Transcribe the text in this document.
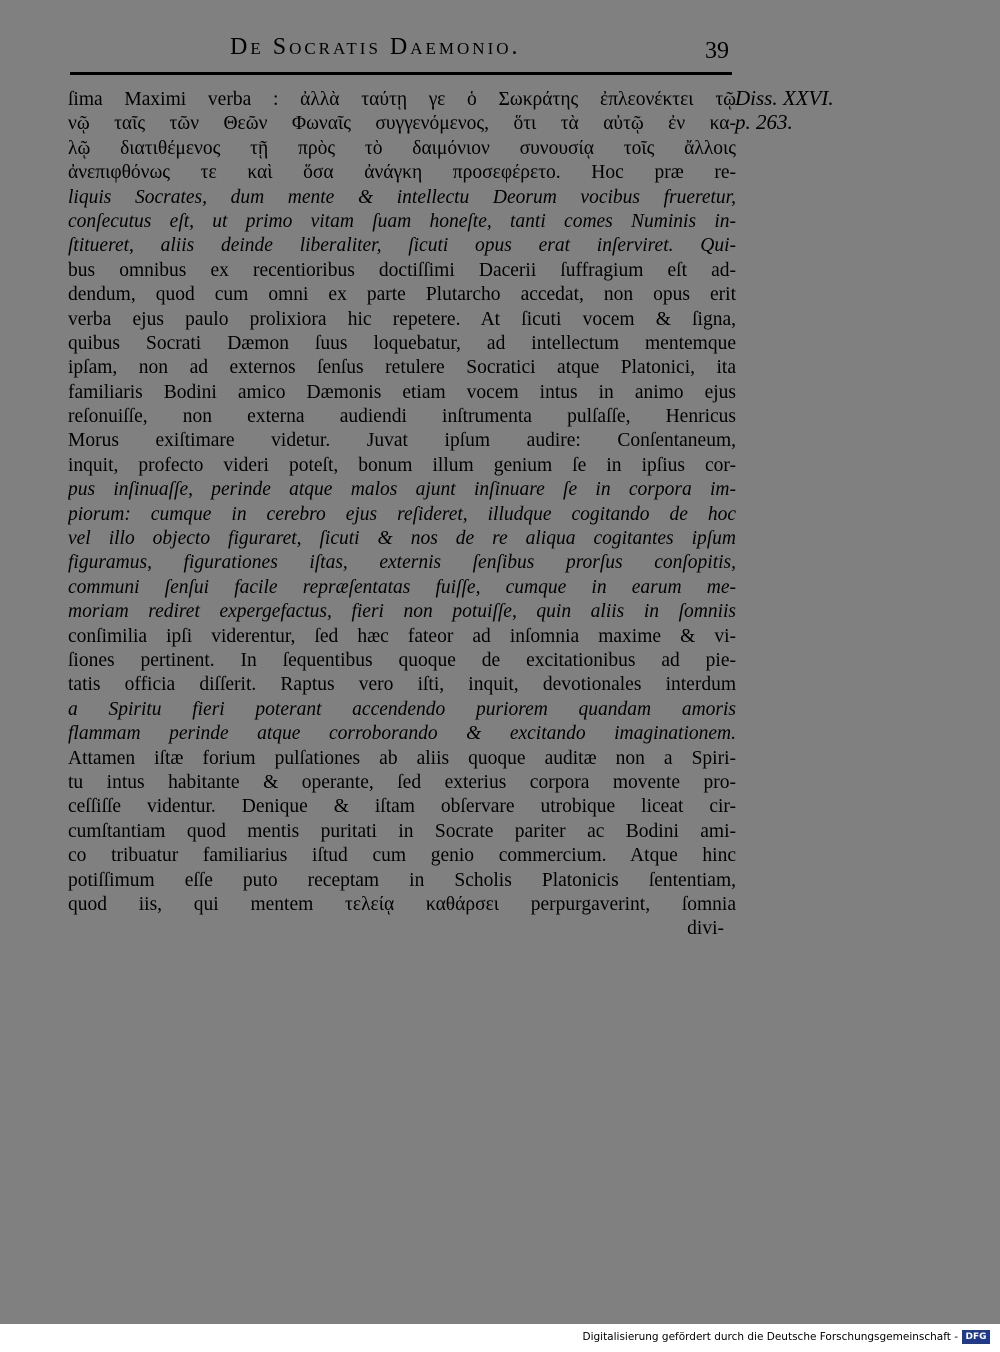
De Socratis Daemonio.	39
Diss. XXVI.
p. 263.
ſima Maximi verba : ἀλλὰ ταύτῃ γε ὁ Σωκράτης ἐπλεονέκτει τῷ
νῷ ταῖς τῶν Θεῶν Φωναῖς συγγενόμενος, ὅτι τὰ αὐτῷ ἐν κα-
λῷ διατιθέμενος τῇ πρὸς τὸ δαιμόνιον συνουσίᾳ τοῖς ἄλλοις
ἀνεπιφθόνως τε καὶ ὅσα ἀνάγκη προσεφέρετο. Hoc præ re-
liquis Socrates, dum mente & intellectu Deorum vocibus frueretur,
conſecutus eſt, ut primo vitam ſuam honeſte, tanti comes Numinis in-
ſtitueret, aliis deinde liberaliter, ſicuti opus erat inſerviret. Qui-
bus omnibus ex recentioribus doctiſſimi Dacerii ſuffragium eſt ad-
dendum, quod cum omni ex parte Plutarcho accedat, non opus erit
verba ejus paulo prolixiora hic repetere. At ſicuti vocem & ſigna,
quibus Socrati Dæmon ſuus loquebatur, ad intellectum mentemque
ipſam, non ad externos ſenſus retulere Socratici atque Platonici, ita
familiaris Bodini amico Dæmonis etiam vocem intus in animo ejus
reſonuiſſe, non externa audiendi inſtrumenta pulſaſſe, Henricus
Morus exiſtimare videtur. Juvat ipſum audire: Conſentaneum,
inquit, profecto videri poteſt, bonum illum genium ſe in ipſius cor-
pus inſinuaſſe, perinde atque malos ajunt inſinuare ſe in corpora im-
piorum: cumque in cerebro ejus reſideret, illudque cogitando de hoc
vel illo objecto figuraret, ſicuti & nos de re aliqua cogitantes ipſum
figuramus, figurationes iſtas, externis ſenſibus prorſus conſopitis,
communi ſenſui facile repræſentatas fuiſſe, cumque in earum me-
moriam rediret expergefactus, fieri non potuiſſe, quin aliis in ſomniis
conſimilia ipſi viderentur, ſed hæc fateor ad inſomnia maxime & vi-
ſiones pertinent. In ſequentibus quoque de excitationibus ad pie-
tatis officia diſſerit. Raptus vero iſti, inquit, devotionales interdum
a Spiritu fieri poterant accendendo puriorem quandam amoris
flammam perinde atque corroborando & excitando imaginationem.
Attamen iſtæ forium pulſationes ab aliis quoque auditæ non a Spiri-
tu intus habitante & operante, ſed exterius corpora movente pro-
ceſſiſſe videntur. Denique & iſtam obſervare utrobique liceat cir-
cumſtantiam quod mentis puritati in Socrate pariter ac Bodini ami-
co tribuatur familiarius iſtud cum genio commercium. Atque hinc
potiſſimum eſſe puto receptam in Scholis Platonicis ſententiam,
quod iis, qui mentem τελείᾳ καθάρσει perpurgaverint, ſomnia
divi-
Digitalisierung gefördert durch die Deutsche Forschungsgemeinschaft - DFG
